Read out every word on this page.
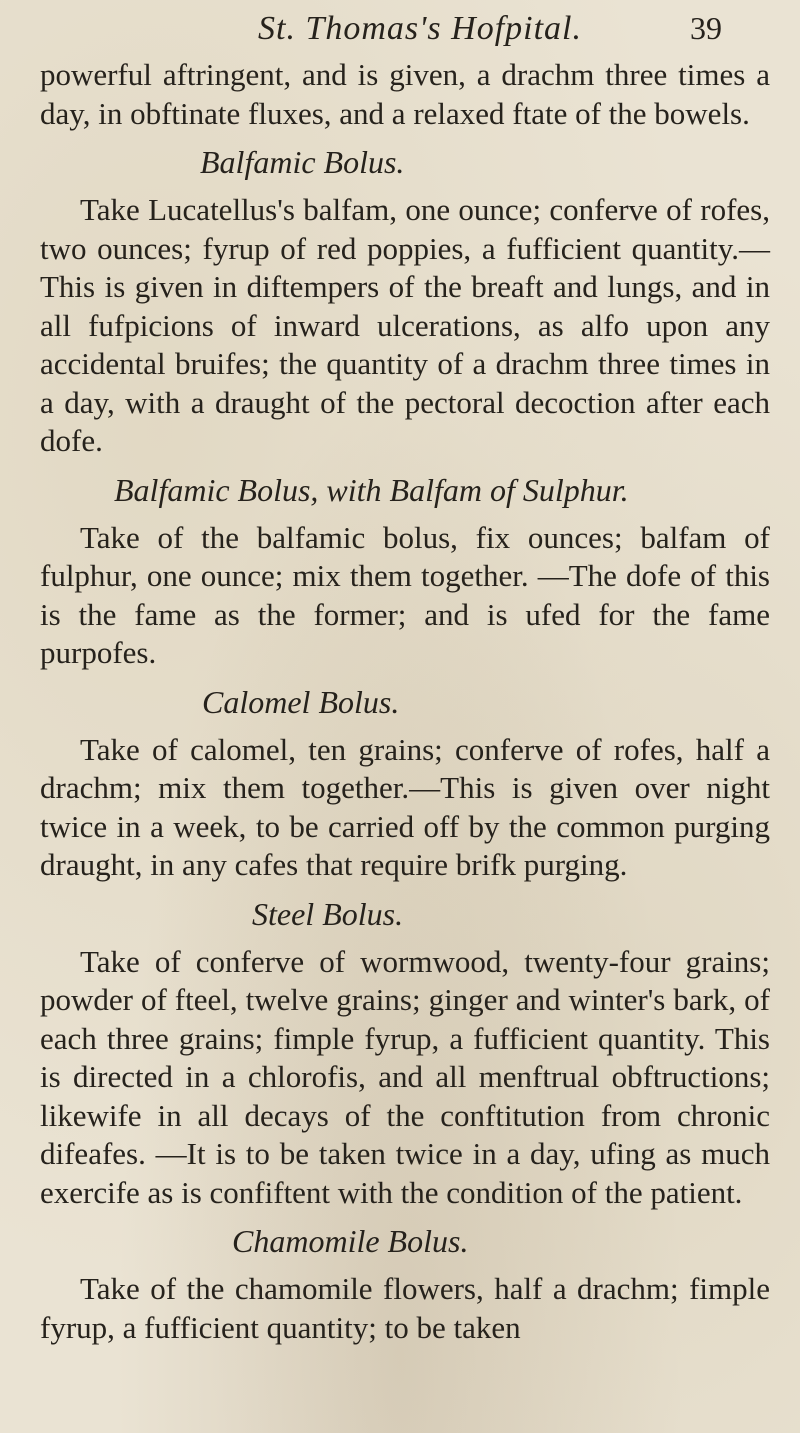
St. Thomas's Hofpital.	39

powerful aftringent, and is given, a drachm three times a day, in obftinate fluxes, and a relaxed ftate of the bowels.

Balfamic Bolus.

Take Lucatellus's balfam, one ounce; conferve of rofes, two ounces; fyrup of red poppies, a fufficient quantity.—This is given in diftempers of the breaft and lungs, and in all fufpicions of inward ulcerations, as alfo upon any accidental bruifes; the quantity of a drachm three times in a day, with a draught of the pectoral decoction after each dofe.

Balfamic Bolus, with Balfam of Sulphur.

Take of the balfamic bolus, fix ounces; balfam of fulphur, one ounce; mix them together. —The dofe of this is the fame as the former; and is ufed for the fame purpofes.

Calomel Bolus.

Take of calomel, ten grains; conferve of rofes, half a drachm; mix them together.—This is given over night twice in a week, to be carried off by the common purging draught, in any cafes that require brifk purging.

Steel Bolus.

Take of conferve of wormwood, twenty-four grains; powder of fteel, twelve grains; ginger and winter's bark, of each three grains; fimple fyrup, a fufficient quantity. This is directed in a chlorofis, and all menftrual obftructions; likewife in all decays of the conftitution from chronic difeafes. —It is to be taken twice in a day, ufing as much exercife as is confiftent with the condition of the patient.

Chamomile Bolus.

Take of the chamomile flowers, half a drachm; fimple fyrup, a fufficient quantity; to be taken
